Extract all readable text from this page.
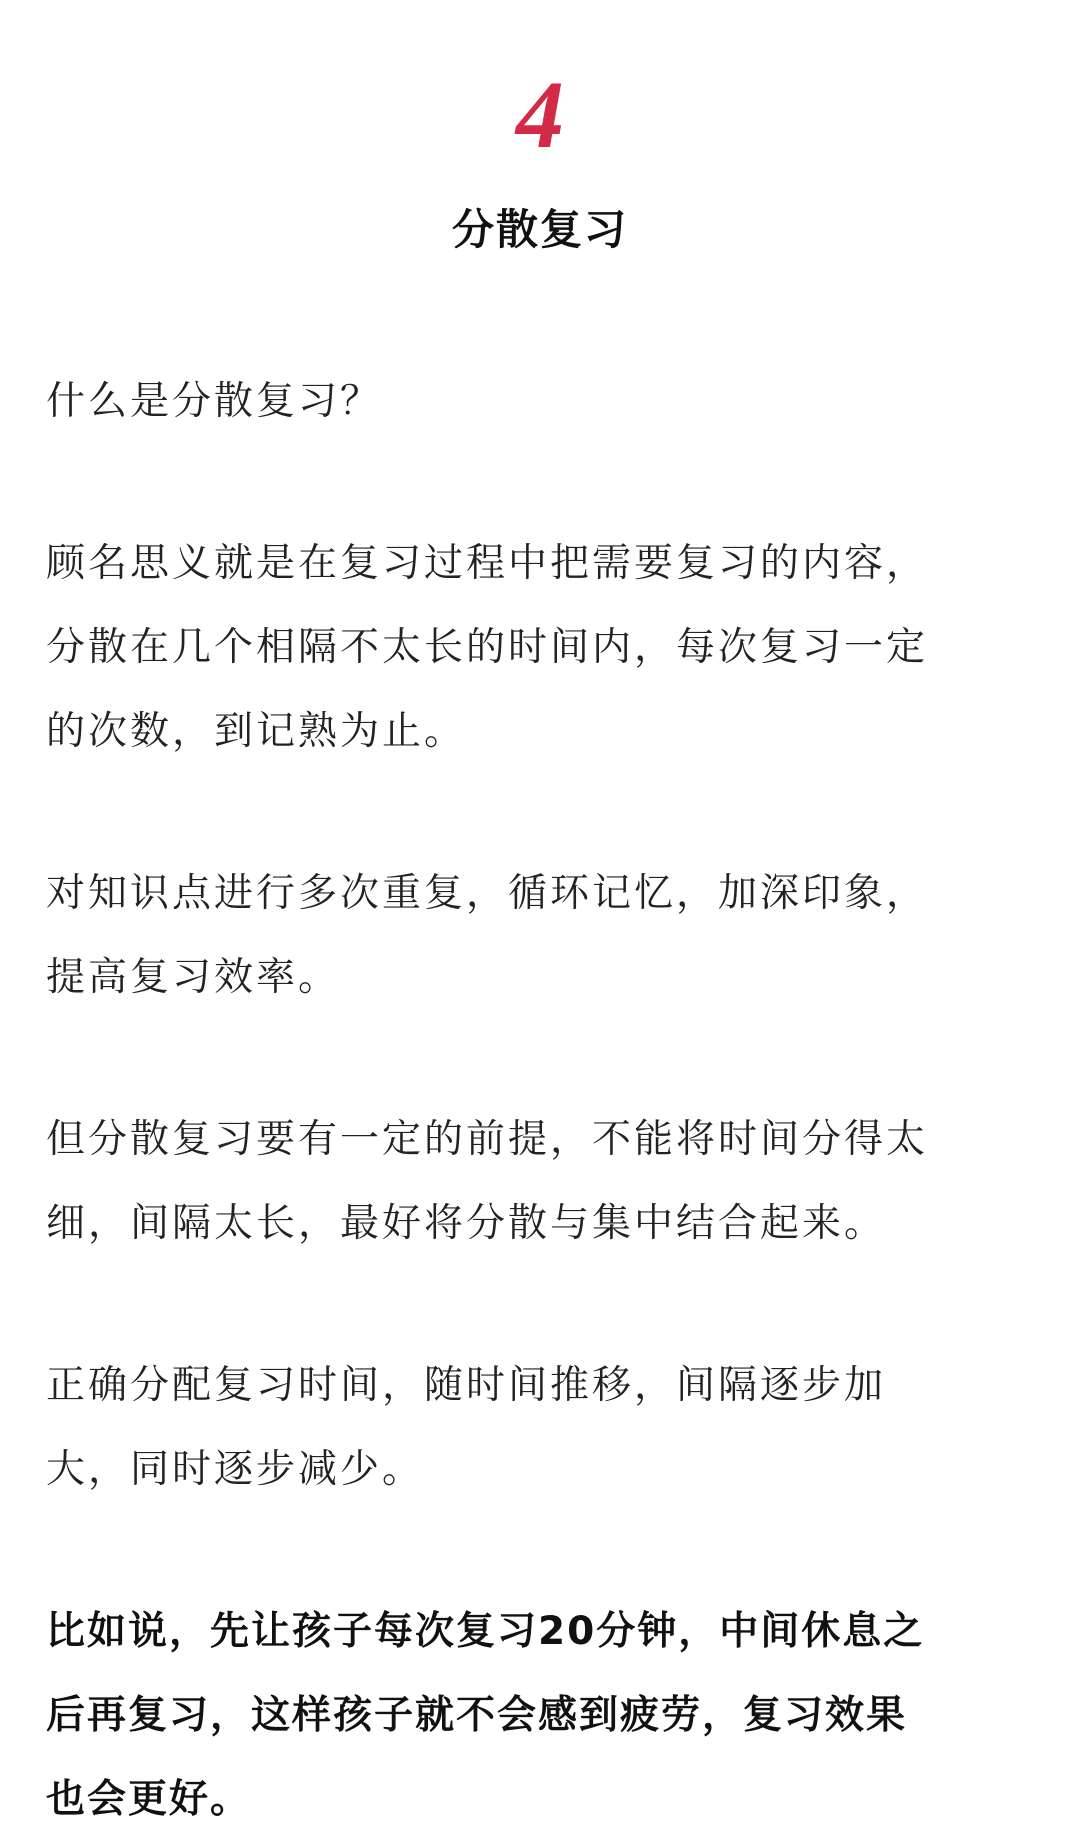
4
分散复习

什么是分散复习？

顾名思义就是在复习过程中把需要复习的内容，
分散在几个相隔不太长的时间内，每次复习一定
的次数，到记熟为止。

对知识点进行多次重复，循环记忆，加深印象，
提高复习效率。

但分散复习要有一定的前提，不能将时间分得太
细，间隔太长，最好将分散与集中结合起来。

正确分配复习时间，随时间推移，间隔逐步加
大，同时逐步减少。

比如说，先让孩子每次复习20分钟，中间休息之
后再复习，这样孩子就不会感到疲劳，复习效果
也会更好。
